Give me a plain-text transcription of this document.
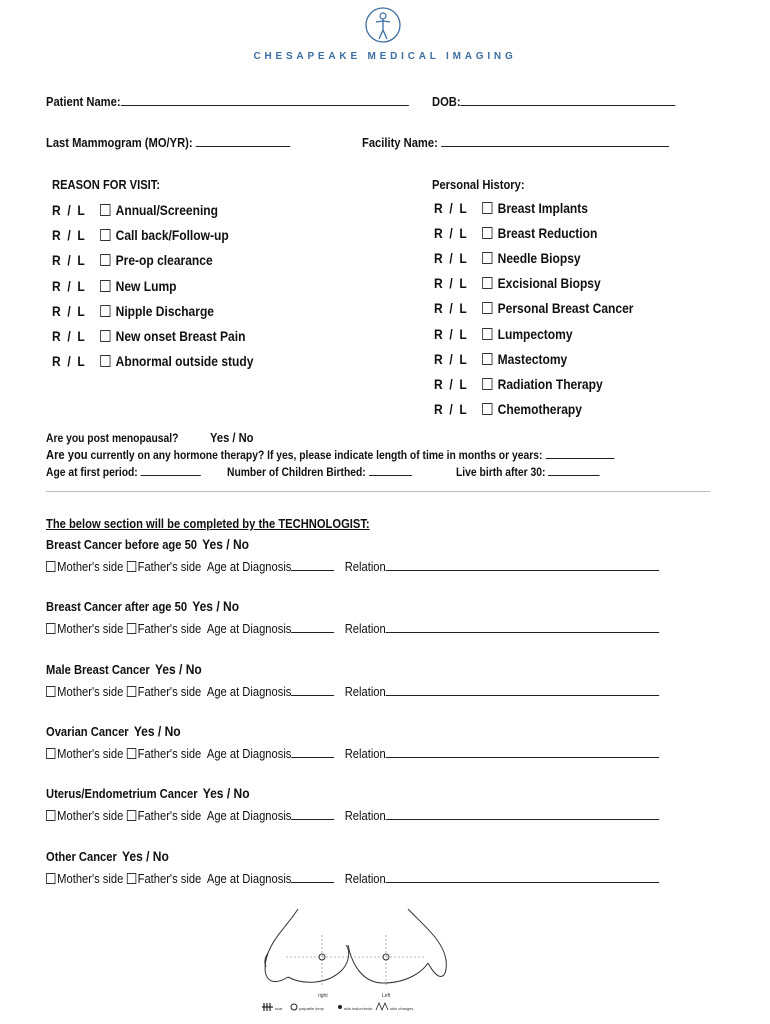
CHESAPEAKE MEDICAL IMAGING
Patient Name:	DOB:
Last Mammogram (MO/YR):	Facility Name:
REASON FOR VISIT:
R  /  L Annual/Screening
R  /  L Call back/Follow-up
R  /  L Pre-op clearance
R  /  L New Lump
R  /  L Nipple Discharge
R  /  L New onset Breast Pain
R  /  L Abnormal outside study
Personal History:
R  /  L Breast Implants
R  /  L Breast Reduction
R  /  L Needle Biopsy
R  /  L Excisional Biopsy
R  /  L Personal Breast Cancer
R  /  L Lumpectomy
R  /  L Mastectomy
R  /  L Radiation Therapy
R  /  L Chemotherapy
Are you post menopausal? Yes / No
Are you currently on any hormone therapy? If yes, please indicate length of time in months or years:
Age at first period:	Number of Children Birthed:	Live birth after 30:
The below section will be completed by the TECHNOLOGIST:
Breast Cancer before age 50 Yes / No
Mother's side Father's side Age at Diagnosis	Relation
Breast Cancer after age 50 Yes / No
Mother's side Father's side Age at Diagnosis	Relation
Male Breast Cancer Yes / No
Mother's side Father's side Age at Diagnosis	Relation
Ovarian Cancer Yes / No
Mother's side Father's side Age at Diagnosis	Relation
Uterus/Endometrium Cancer Yes / No
Mother's side Father's side Age at Diagnosis	Relation
Other Cancer Yes / No
Mother's side Father's side Age at Diagnosis	Relation
right	Left
scar	palpable lump	skin lesion/mole	skin changes
